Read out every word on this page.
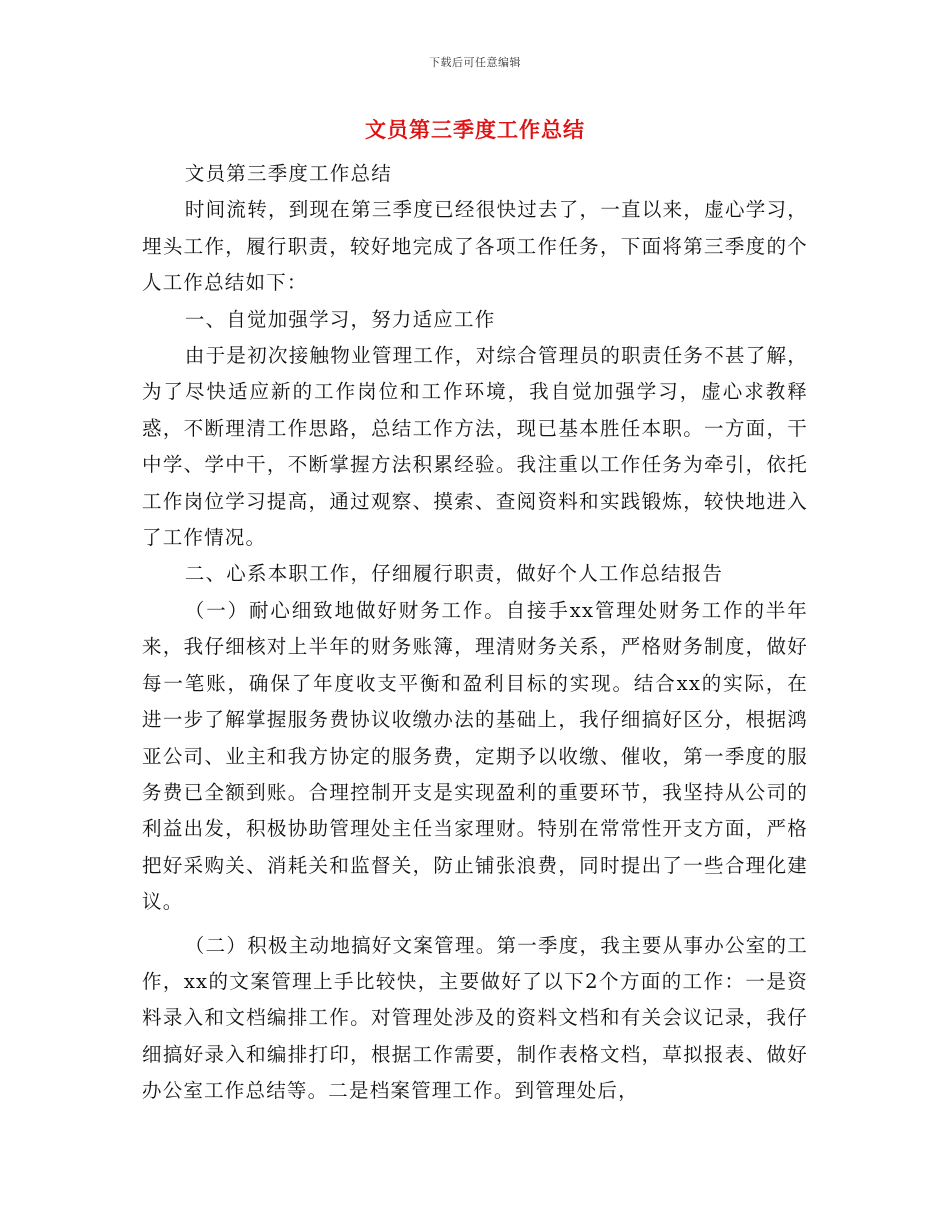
下载后可任意编辑
文员第三季度工作总结

文员第三季度工作总结

时间流转，到现在第三季度已经很快过去了，一直以来，虚心学习，埋头工作，履行职责，较好地完成了各项工作任务，下面将第三季度的个人工作总结如下：

一、自觉加强学习，努力适应工作

由于是初次接触物业管理工作，对综合管理员的职责任务不甚了解，为了尽快适应新的工作岗位和工作环境，我自觉加强学习，虚心求教释惑，不断理清工作思路，总结工作方法，现已基本胜任本职。一方面，干中学、学中干，不断掌握方法积累经验。我注重以工作任务为牵引，依托工作岗位学习提高，通过观察、摸索、查阅资料和实践锻炼，较快地进入了工作情况。

二、心系本职工作，仔细履行职责，做好个人工作总结报告

（一）耐心细致地做好财务工作。自接手xx管理处财务工作的半年来，我仔细核对上半年的财务账簿，理清财务关系，严格财务制度，做好每一笔账，确保了年度收支平衡和盈利目标的实现。结合xx的实际，在进一步了解掌握服务费协议收缴办法的基础上，我仔细搞好区分，根据鸿亚公司、业主和我方协定的服务费，定期予以收缴、催收，第一季度的服务费已全额到账。合理控制开支是实现盈利的重要环节，我坚持从公司的利益出发，积极协助管理处主任当家理财。特别在常常性开支方面，严格把好采购关、消耗关和监督关，防止铺张浪费，同时提出了一些合理化建议。

（二）积极主动地搞好文案管理。第一季度，我主要从事办公室的工作，xx的文案管理上手比较快，主要做好了以下2个方面的工作：一是资料录入和文档编排工作。对管理处涉及的资料文档和有关会议记录，我仔细搞好录入和编排打印，根据工作需要，制作表格文档，草拟报表、做好办公室工作总结等。二是档案管理工作。到管理处后，
